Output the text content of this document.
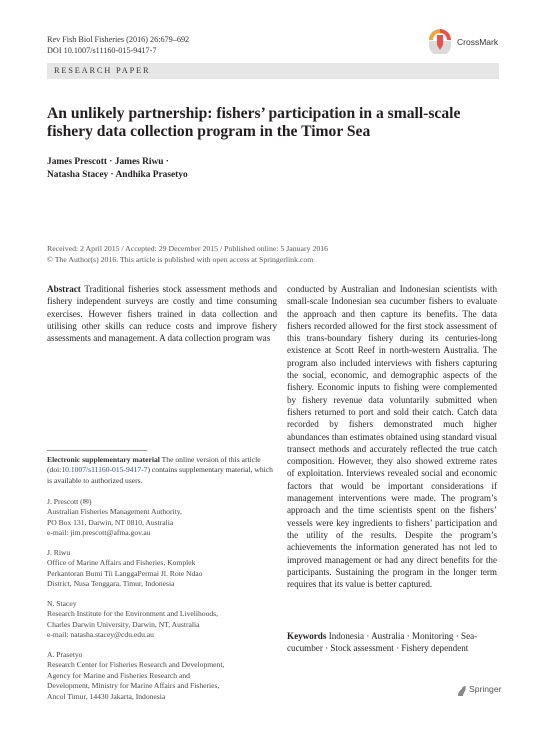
Rev Fish Biol Fisheries (2016) 26:679–692
DOI 10.1007/s11160-015-9417-7
CrossMark
RESEARCH PAPER
An unlikely partnership: fishers’ participation in a small-scale fishery data collection program in the Timor Sea
James Prescott · James Riwu ·
Natasha Stacey · Andhika Prasetyo
Received: 2 April 2015 / Accepted: 29 December 2015 / Published online: 5 January 2016
© The Author(s) 2016. This article is published with open access at Springerlink.com
Abstract Traditional fisheries stock assessment methods and fishery independent surveys are costly and time consuming exercises. However fishers trained in data collection and utilising other skills can reduce costs and improve fishery assessments and management. A data collection program was
conducted by Australian and Indonesian scientists with small-scale Indonesian sea cucumber fishers to evaluate the approach and then capture its benefits. The data fishers recorded allowed for the first stock assessment of this trans-boundary fishery during its centuries-long existence at Scott Reef in north-western Australia. The program also included interviews with fishers capturing the social, economic, and demographic aspects of the fishery. Economic inputs to fishing were complemented by fishery revenue data voluntarily submitted when fishers returned to port and sold their catch. Catch data recorded by fishers demonstrated much higher abundances than estimates obtained using standard visual transect methods and accurately reflected the true catch composition. However, they also showed extreme rates of exploitation. Interviews revealed social and economic factors that would be important considerations if management interventions were made. The program’s approach and the time scientists spent on the fishers’ vessels were key ingredients to fishers’ participation and the utility of the results. Despite the program’s achievements the information generated has not led to improved management or had any direct benefits for the participants. Sustaining the program in the longer term requires that its value is better captured.
Electronic supplementary material The online version of this article (doi:10.1007/s11160-015-9417-7) contains supplementary material, which is available to authorized users.
J. Prescott (✉)
Australian Fisheries Management Authority,
PO Box 131, Darwin, NT 0810, Australia
e-mail: jim.prescott@afma.gov.au
J. Riwu
Office of Marine Affairs and Fisheries, Komplek
Perkantoran Bumi Tii LanggaPermai Jl. Rote Ndao
District, Nusa Tenggara, Timur, Indonesia
N. Stacey
Research Institute for the Environment and Livelihoods,
Charles Darwin University, Darwin, NT, Australia
e-mail: natasha.stacey@cdu.edu.au
A. Prasetyo
Research Center for Fisheries Research and Development,
Agency for Marine and Fisheries Research and
Development, Ministry for Marine Affairs and Fisheries,
Ancol Timur, 14430 Jakarta, Indonesia
Keywords Indonesia · Australia · Monitoring · Sea-cucumber · Stock assessment · Fishery dependent
Springer
